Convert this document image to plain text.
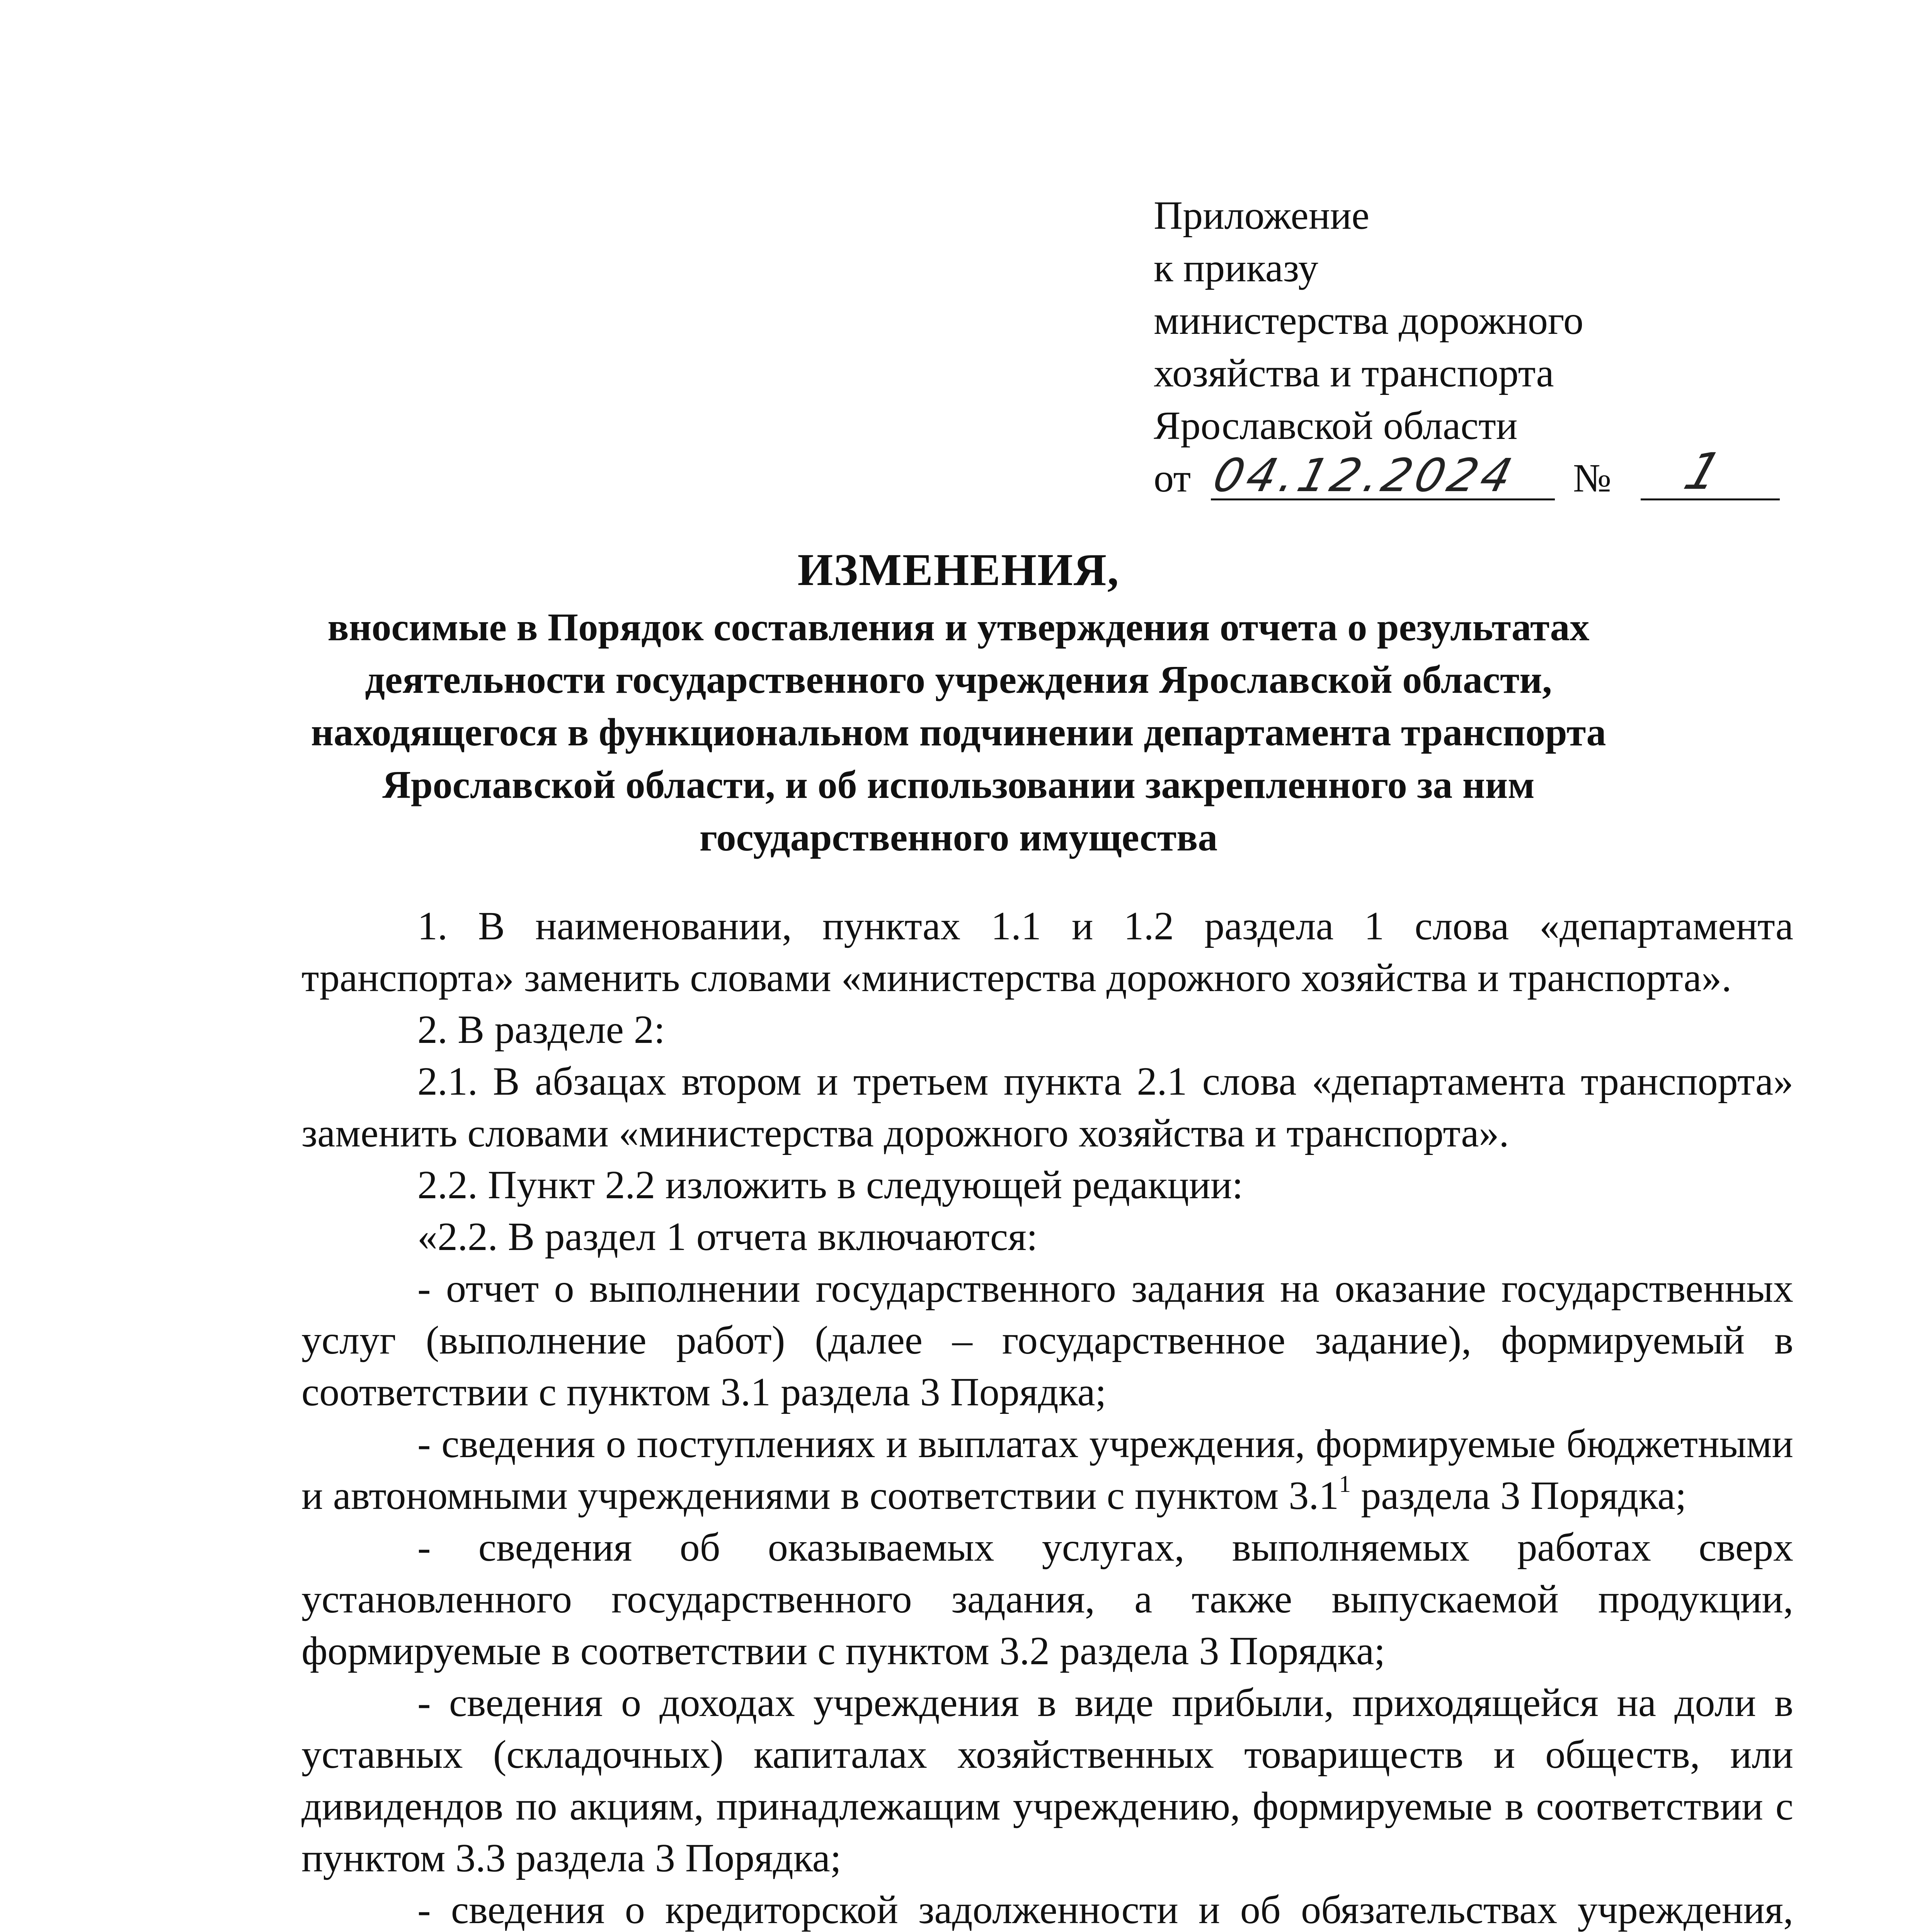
Приложение
к приказу
министерства дорожного
хозяйства и транспорта
Ярославской области
от 04.12.2024 № 1
ИЗМЕНЕНИЯ,
вносимые в Порядок составления и утверждения отчета о результатах
деятельности государственного учреждения Ярославской области,
находящегося в функциональном подчинении департамента транспорта
Ярославской области, и об использовании закрепленного за ним
государственного имущества

1. В наименовании, пунктах 1.1 и 1.2 раздела 1 слова «департамента транспорта» заменить словами «министерства дорожного хозяйства и транспорта».

2. В разделе 2:

2.1. В абзацах втором и третьем пункта 2.1 слова «департамента транспорта» заменить словами «министерства дорожного хозяйства и транспорта».

2.2. Пункт 2.2 изложить в следующей редакции:

«2.2. В раздел 1 отчета включаются:

- отчет о выполнении государственного задания на оказание государственных услуг (выполнение работ) (далее – государственное задание), формируемый в соответствии с пунктом 3.1 раздела 3 Порядка;

- сведения о поступлениях и выплатах учреждения, формируемые бюджетными и автономными учреждениями в соответствии с пунктом $3.1^1$ раздела 3 Порядка;

- сведения об оказываемых услугах, выполняемых работах сверх установленного государственного задания, а также выпускаемой продукции, формируемые в соответствии с пунктом 3.2 раздела 3 Порядка;

- сведения о доходах учреждения в виде прибыли, приходящейся на доли в уставных (складочных) капиталах хозяйственных товариществ и обществ, или дивидендов по акциям, принадлежащим учреждению, формируемые в соответствии с пунктом 3.3 раздела 3 Порядка;

- сведения о кредиторской задолженности и об обязательствах учреждения,
